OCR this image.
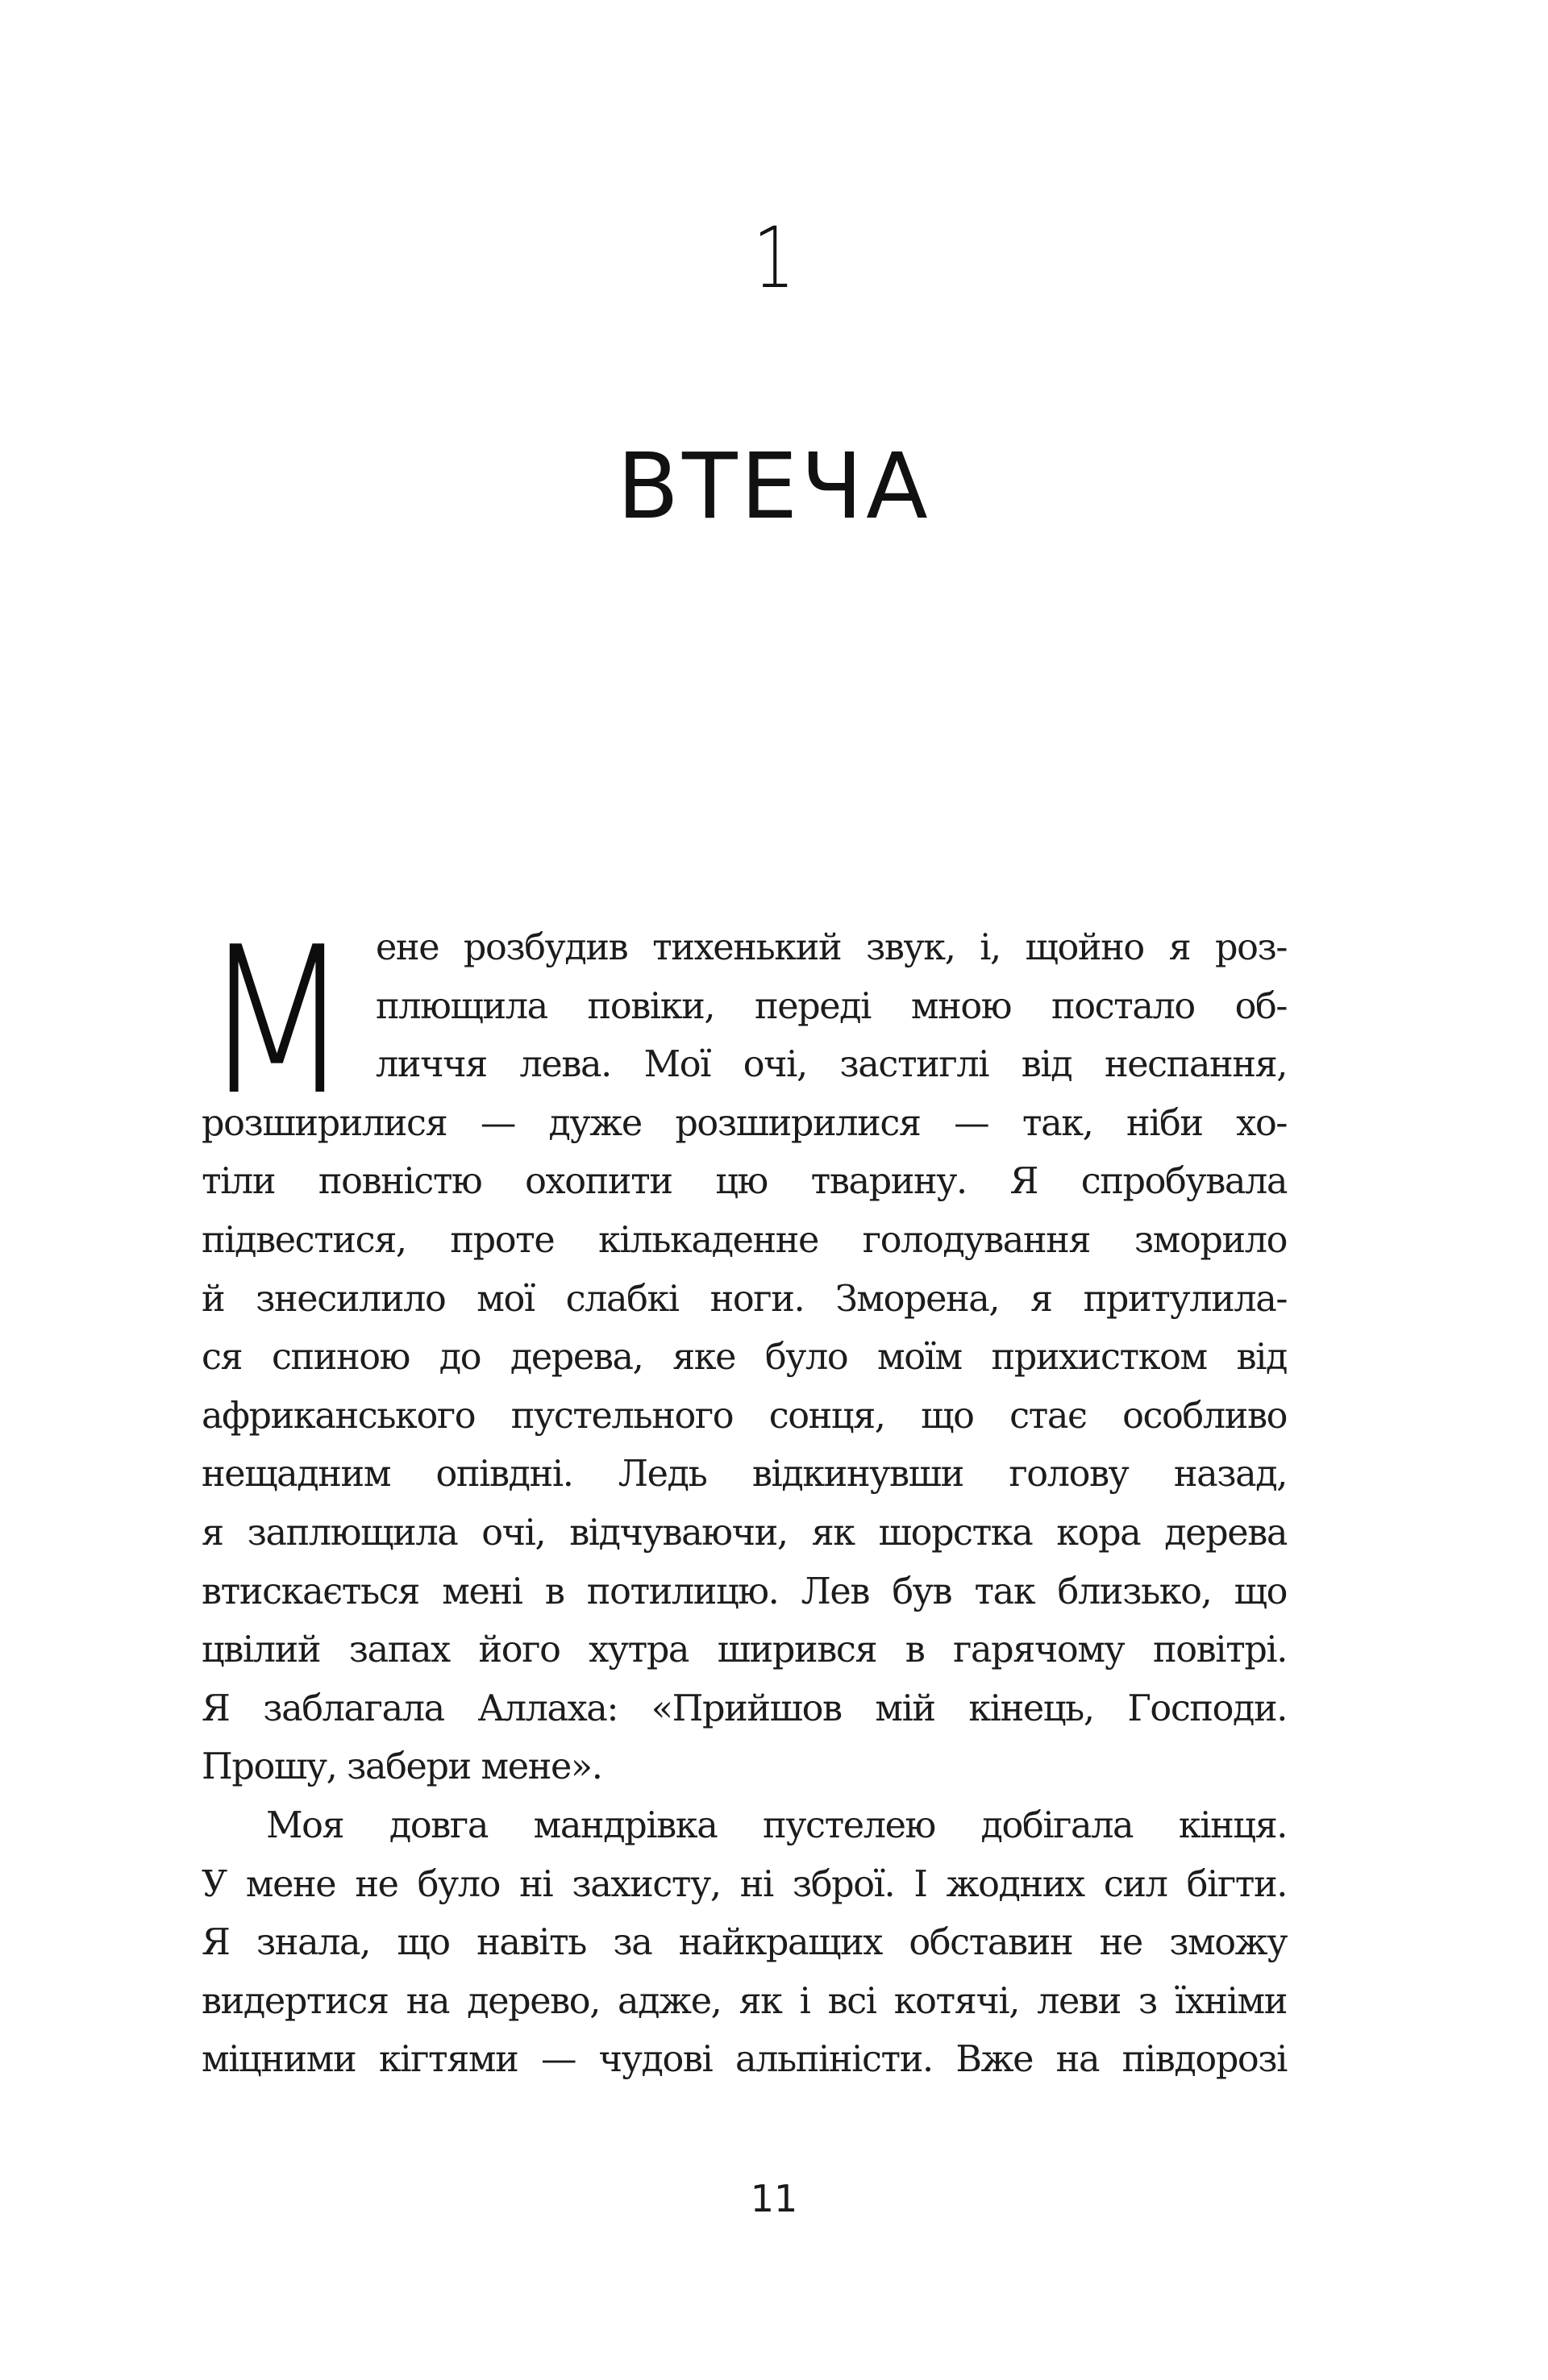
1
ВТЕЧА
М ене розбудив тихенький звук, і, щойно я роз-
плющила повіки, переді мною постало об-
личчя лева. Мої очі, застиглі від неспання,
розширилися — дуже розширилися — так, ніби хо-
тіли повністю охопити цю тварину. Я спробувала
підвестися, проте кількаденне голодування зморило
й знесилило мої слабкі ноги. Зморена, я притулила-
ся спиною до дерева, яке було моїм прихистком від
африканського пустельного сонця, що стає особливо
нещадним опівдні. Ледь відкинувши голову назад,
я заплющила очі, відчуваючи, як шорстка кора дерева
втискається мені в потилицю. Лев був так близько, що
цвілий запах його хутра ширився в гарячому повітрі.
Я заблагала Аллаха: «Прийшов мій кінець, Господи.
Прошу, забери мене».
Моя довга мандрівка пустелею добігала кінця.
У мене не було ні захисту, ні зброї. І жодних сил бігти.
Я знала, що навіть за найкращих обставин не зможу
видертися на дерево, адже, як і всі котячі, леви з їхніми
міцними кігтями — чудові альпіністи. Вже на півдорозі
11
